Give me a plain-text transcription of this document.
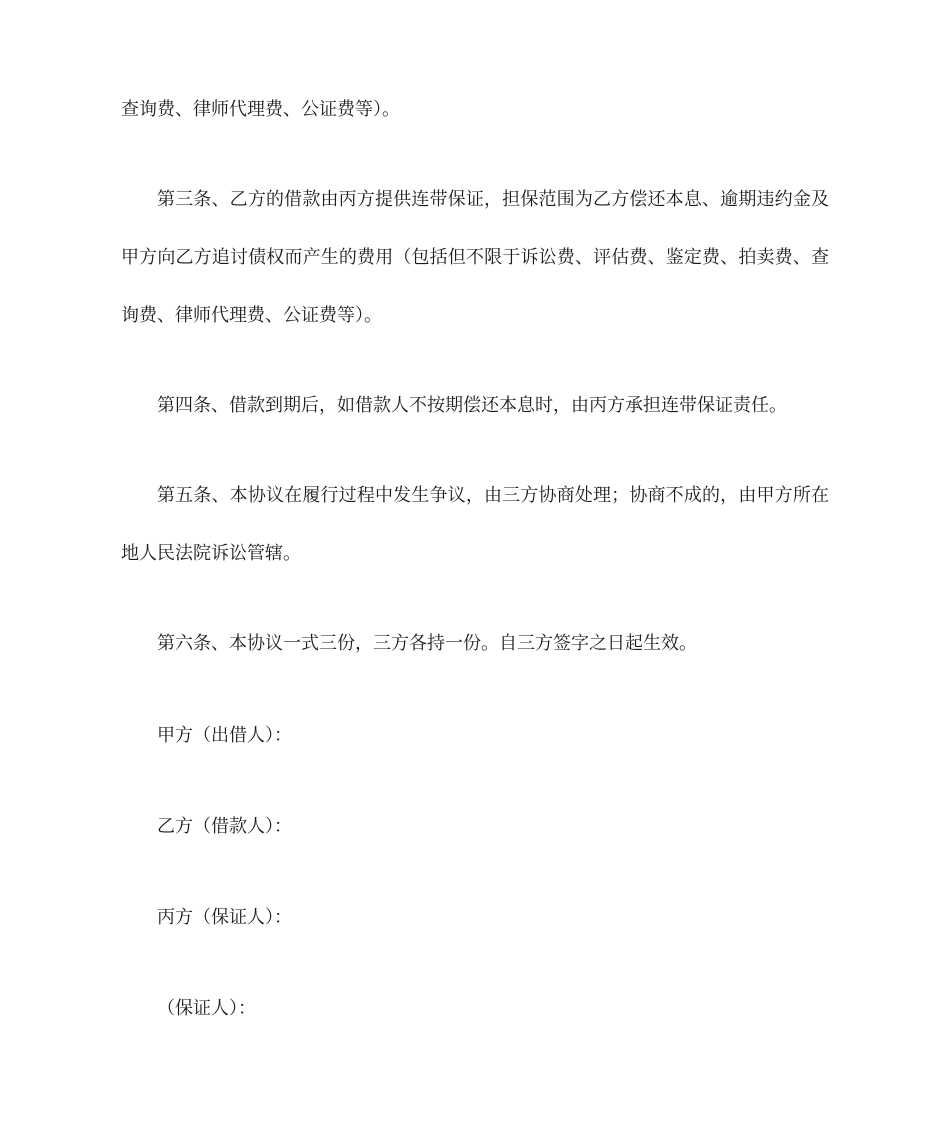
查询费、律师代理费、公证费等）。
第三条、乙方的借款由丙方提供连带保证，担保范围为乙方偿还本息、逾期违约金及
甲方向乙方追讨债权而产生的费用（包括但不限于诉讼费、评估费、鉴定费、拍卖费、查
询费、律师代理费、公证费等）。
第四条、借款到期后，如借款人不按期偿还本息时，由丙方承担连带保证责任。
第五条、本协议在履行过程中发生争议，由三方协商处理；协商不成的，由甲方所在
地人民法院诉讼管辖。
第六条、本协议一式三份，三方各持一份。自三方签字之日起生效。
甲方（出借人）：
乙方（借款人）：
丙方（保证人）：
（保证人）：
